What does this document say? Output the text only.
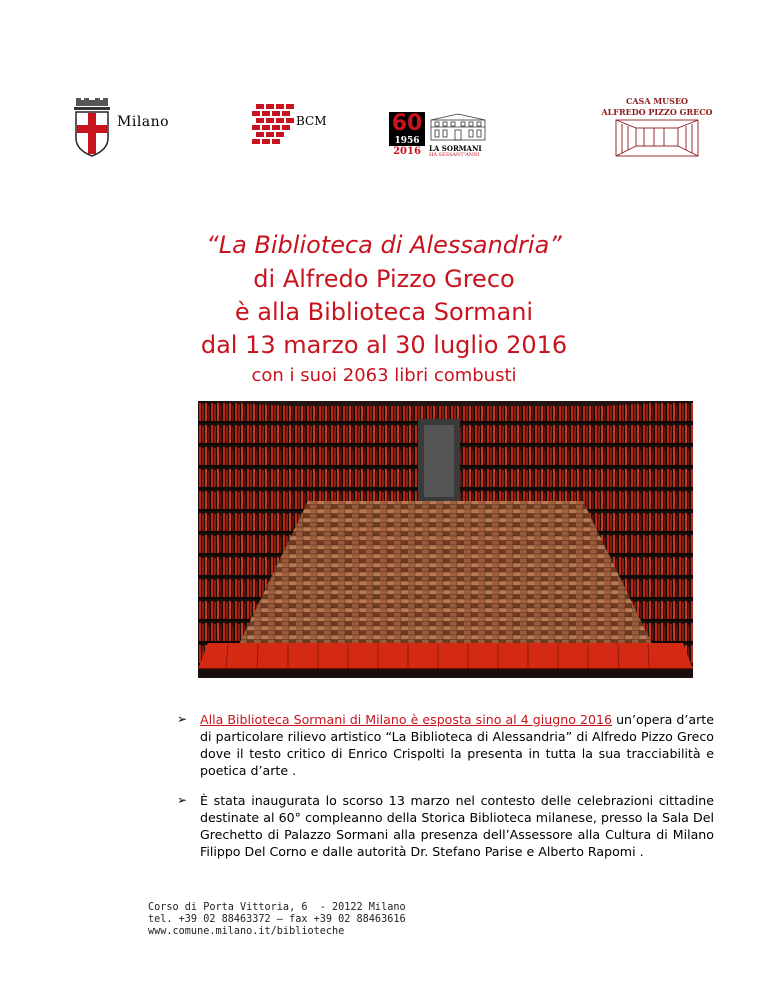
Milano	BCM	60
1956
2016	LA SORMANI
HA SESSANT'ANNI
CASA MUSEO
ALFREDO PIZZO GRECO
“La Biblioteca di Alessandria”
di Alfredo Pizzo Greco
è alla Biblioteca Sormani
dal 13 marzo al 30 luglio 2016
con i suoi 2063 libri combusti
➢ Alla Biblioteca Sormani di Milano è esposta sino al 4 giugno 2016 un’opera d’arte di particolare rilievo artistico “La Biblioteca di Alessandria” di Alfredo Pizzo Greco dove il testo critico di Enrico Crispolti la presenta in tutta la sua tracciabilità e poetica d’arte .
➢ È stata inaugurata lo scorso 13 marzo nel contesto delle celebrazioni cittadine destinate al 60° compleanno della Storica Biblioteca milanese, presso la Sala Del Grechetto di Palazzo Sormani alla presenza dell’Assessore alla Cultura di Milano Filippo Del Corno e dalle autorità Dr. Stefano Parise e Alberto Rapomi .
Corso di Porta Vittoria, 6  - 20122 Milano
tel. +39 02 88463372 – fax +39 02 88463616
www.comune.milano.it/biblioteche
